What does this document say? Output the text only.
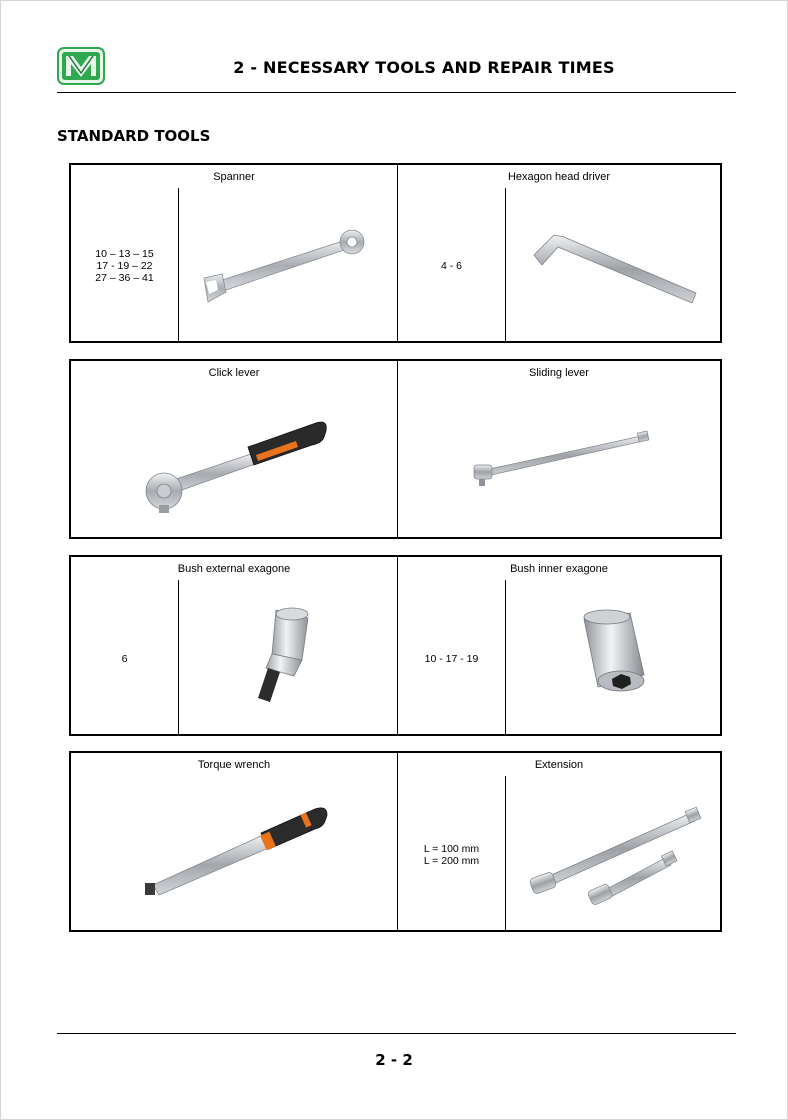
2 - NECESSARY TOOLS AND REPAIR TIMES
STANDARD TOOLS
Spanner
10 – 13 – 15
17 - 19 – 22
27 – 36 – 41
Hexagon head driver
4 - 6
Click lever	Sliding lever
Bush external exagone
6
Bush inner exagone
10 - 17 - 19
Torque wrench	Extension
L = 100 mm
L = 200 mm
2 - 2
